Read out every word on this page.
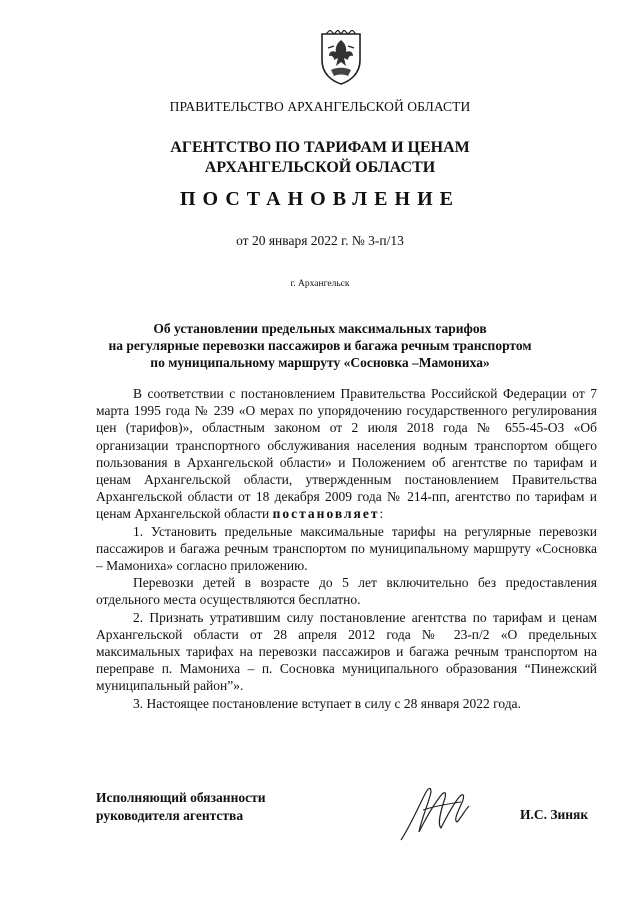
ПРАВИТЕЛЬСТВО АРХАНГЕЛЬСКОЙ ОБЛАСТИ
АГЕНТСТВО ПО ТАРИФАМ И ЦЕНАМ
АРХАНГЕЛЬСКОЙ ОБЛАСТИ
ПОСТАНОВЛЕНИЕ
от 20 января 2022 г. № 3-п/13
г. Архангельск
Об установлении предельных максимальных тарифов
на регулярные перевозки пассажиров и багажа речным транспортом
по муниципальному маршруту «Сосновка –Мамониха»

В соответствии с постановлением Правительства Российской Федерации от 7 марта 1995 года № 239 «О мерах по упорядочению государственного регулирования цен (тарифов)», областным законом от 2 июля 2018 года № 655-45-ОЗ «Об организации транспортного обслуживания населения водным транспортом общего пользования в Архангельской области» и Положением об агентстве по тарифам и ценам Архангельской области, утвержденным постановлением Правительства Архангельской области от 18 декабря 2009 года № 214-пп, агентство по тарифам и ценам Архангельской области постановляет:

1. Установить предельные максимальные тарифы на регулярные перевозки пассажиров и багажа речным транспортом по муниципальному маршруту «Сосновка – Мамониха» согласно приложению.

Перевозки детей в возрасте до 5 лет включительно без предоставления отдельного места осуществляются бесплатно.

2. Признать утратившим силу постановление агентства по тарифам и ценам Архангельской области от 28 апреля 2012 года № 23-п/2 «О предельных максимальных тарифах на перевозки пассажиров и багажа речным транспортом на переправе п. Мамониха – п. Сосновка муниципального образования “Пинежский муниципальный район”».

3. Настоящее постановление вступает в силу с 28 января 2022 года.

Исполняющий обязанности
руководителя агентства	И.С. Зиняк
